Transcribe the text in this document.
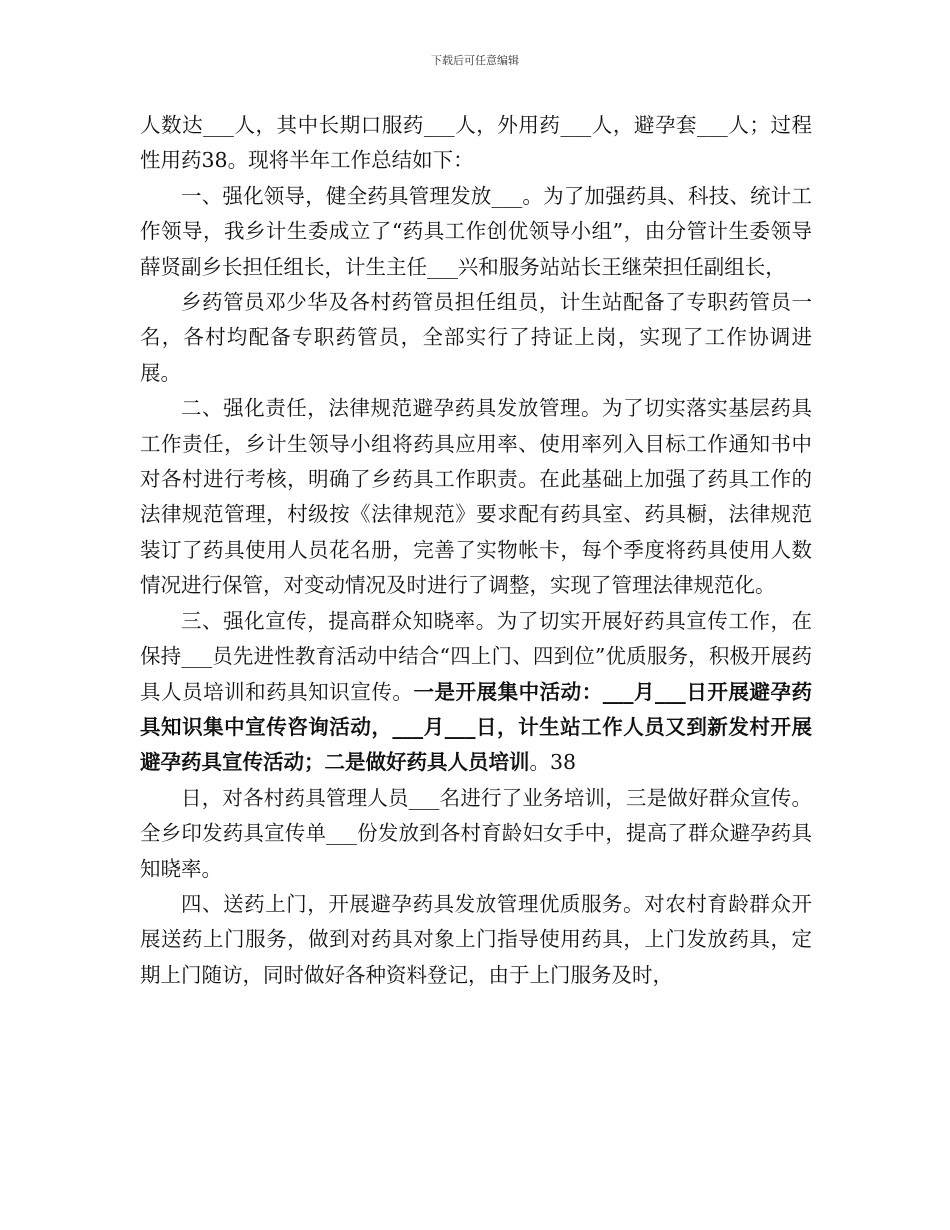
下载后可任意编辑

人数达___人，其中长期口服药___人，外用药___人，避孕套___人；过程性用药38。现将半年工作总结如下：

一、强化领导，健全药具管理发放___。为了加强药具、科技、统计工作领导，我乡计生委成立了“药具工作创优领导小组”，由分管计生委领导薛贤副乡长担任组长，计生主任___兴和服务站站长王继荣担任副组长，

乡药管员邓少华及各村药管员担任组员，计生站配备了专职药管员一名，各村均配备专职药管员，全部实行了持证上岗，实现了工作协调进展。

二、强化责任，法律规范避孕药具发放管理。为了切实落实基层药具工作责任，乡计生领导小组将药具应用率、使用率列入目标工作通知书中对各村进行考核，明确了乡药具工作职责。在此基础上加强了药具工作的法律规范管理，村级按《法律规范》要求配有药具室、药具橱，法律规范装订了药具使用人员花名册，完善了实物帐卡，每个季度将药具使用人数情况进行保管，对变动情况及时进行了调整，实现了管理法律规范化。

三、强化宣传，提高群众知晓率。为了切实开展好药具宣传工作，在保持___员先进性教育活动中结合“四上门、四到位”优质服务，积极开展药具人员培训和药具知识宣传。一是开展集中活动：___月___日开展避孕药具知识集中宣传咨询活动，___月___日，计生站工作人员又到新发村开展避孕药具宣传活动；二是做好药具人员培训。38

日，对各村药具管理人员___名进行了业务培训，三是做好群众宣传。全乡印发药具宣传单___份发放到各村育龄妇女手中，提高了群众避孕药具知晓率。

四、送药上门，开展避孕药具发放管理优质服务。对农村育龄群众开展送药上门服务，做到对药具对象上门指导使用药具，上门发放药具，定期上门随访，同时做好各种资料登记，由于上门服务及时，
